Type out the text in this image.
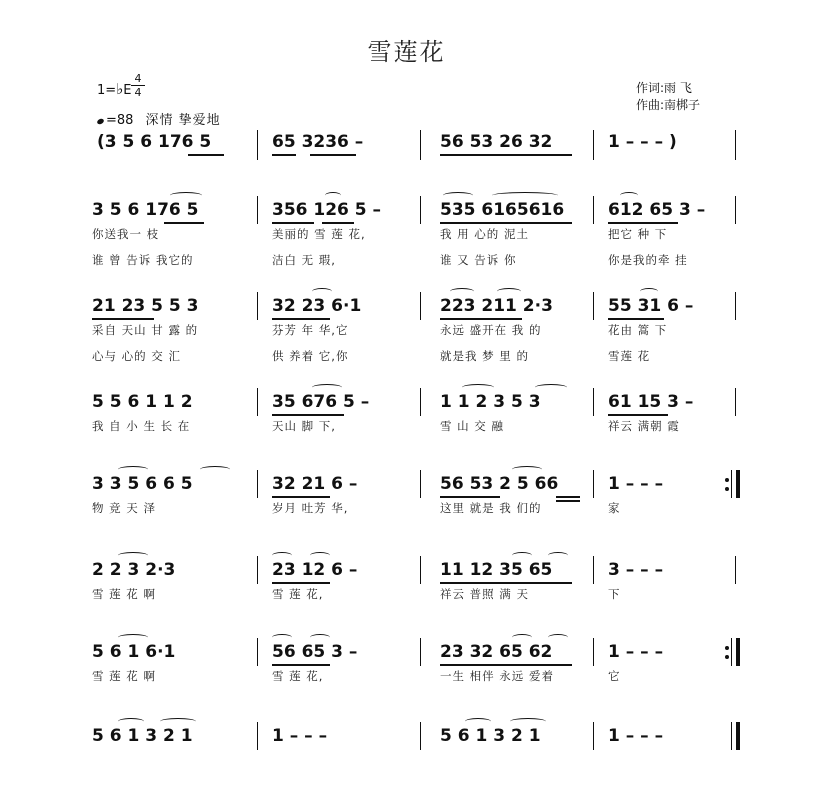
雪莲花
1=♭E
4
4
=88 深情 挚爱地
作词:雨 飞
作曲:南梆子
(3 5 6 176 5	65 3236 –	56 53 26 32	1 – – – )
3 5 6 176 5	356 126 5 –	535 6165616	612 65 3 –
你送我一 枝	美丽的 雪 莲 花,	我 用 心的 泥土	把它 种 下
谁 曾 告诉 我它的	洁白 无 瑕,	谁 又 告诉 你	你是我的牵 挂
21 23 5 5 3	32 23 6·1	223 211 2·3	55 31 6 –
采自 天山 甘 露 的	芬芳 年 华,它	永远 盛开在 我 的	花由 篙 下
心与 心的 交 汇	供 养着 它,你	就是我 梦 里 的	雪莲 花
5 5 6 1 1 2	35 676 5 –	1 1 2 3 5 3	61 15 3 –
我 自 小 生 长 在	天山 脚 下,	雪 山 交 融	祥云 满朝 霞
3 3 5 6 6 5	32 21 6 –	56 53 2 5 66	1 – – –
物 竞 天 泽	岁月 吐芳 华,	这里 就是 我 们的	家
2 2 3 2·3	23 12 6 –	11 12 35 65	3 – – –
雪 莲 花 啊	雪 莲 花,	祥云 普照 满 天	下
5 6 1 6·1	56 65 3 –	23 32 65 62	1 – – –
雪 莲 花 啊	雪 莲 花,	一生 相伴 永远 爱着	它
5 6 1 3 2 1	1 – – –	5 6 1 3 2 1	1 – – –
